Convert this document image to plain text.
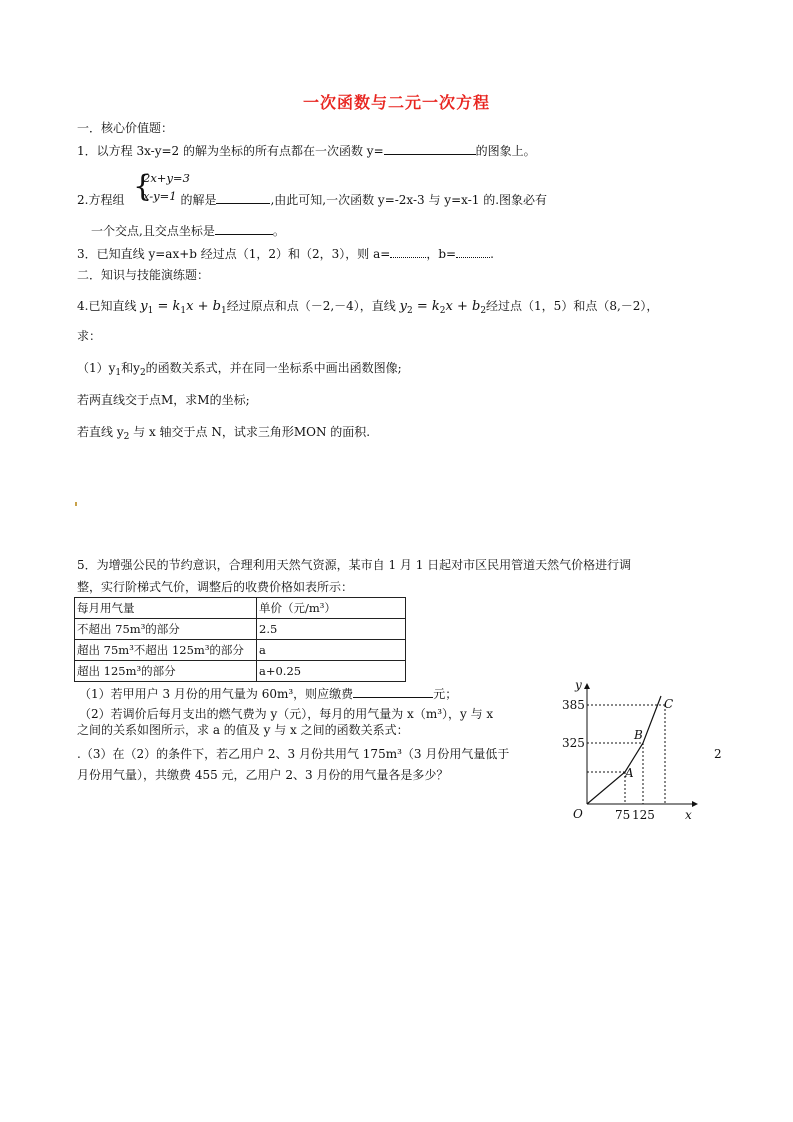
一次函数与二元一次方程
一．核心价值题：
1．以方程 3x-y=2 的解为坐标的所有点都在一次函数 y=	的图象上。
{
2x+y=3
x-y=1
2.方程组	的解是	,由此可知,一次函数 y=-2x-3 与 y=x-1 的.图象必有
一个交点,且交点坐标是	。
3．已知直线 y=ax+b 经过点（1，2）和（2，3），则 a=	，b=	.
二．知识与技能演练题：
4.已知直线 $y_1 = k_1x + b_1$经过原点和点（－2,－4），直线 $y_2 = k_2x + b_2$经过点（1，5）和点（8,－2），
求：
$(1)y_1$和$y_2$的函数关系式，并在同一坐标系中画出函数图像;
若两直线交于点M，求M的坐标;
若直线 $y_2$ 与 x 轴交于点 N，试求三角形MON 的面积.
5．为增强公民的节约意识，合理利用天然气资源，某市自 1 月 1 日起对市区民用管道天然气价格进行调
整，实行阶梯式气价，调整后的收费价格如表所示：
每月用气量	单价（元/m³）
不超出 75m³的部分	2.5
超出 75m³不超出 125m³的部分	a
超出 125m³的部分	a+0.25
（1）若甲用户 3 月份的用气量为 60m³，则应缴费	元；
（2）若调价后每月支出的燃气费为 y（元），每月的用气量为 x（m³），y 与 x
之间的关系如图所示，求 a 的值及 y 与 x 之间的函数关系式：
.（3）在（2）的条件下，若乙用户 2、3 月份共用气 175m³（3 月份用气量低于	2
月份用气量），共缴费 455 元，乙用户 2、3 月份的用气量各是多少？
385
325
y
x
O	75 125
A
B
C
